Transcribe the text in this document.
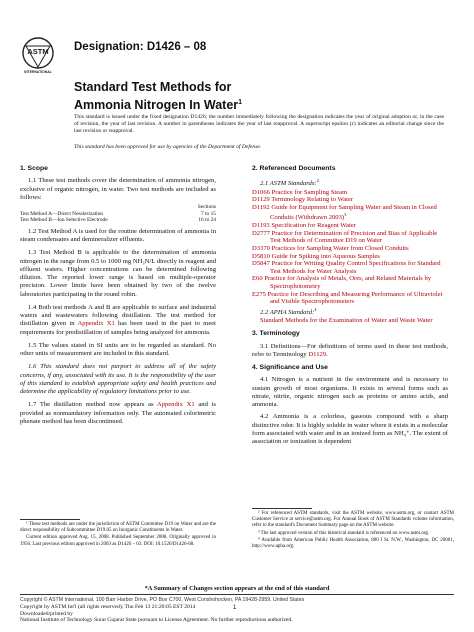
ASTM
INTERNATIONAL
Designation: D1426 – 08
Standard Test Methods for
Ammonia Nitrogen In Water$^1$
This standard is issued under the fixed designation D1426; the number immediately following the designation indicates the year of original adoption or, in the case of revision, the year of last revision. A number in parentheses indicates the year of last reapproval. A superscript epsilon (ε) indicates an editorial change since the last revision or reapproval.
This standard has been approved for use by agencies of the Department of Defense.
1. Scope
1.1 These test methods cover the determination of ammonia nitrogen, exclusive of organic nitrogen, in water. Two test methods are included as follows:
Sections
Test Method A—Direct Nesslerization	7 to 15
Test Method B—Ion Selective Electrode	16 to 24
1.2 Test Method A is used for the routine determination of ammonia in steam condensates and demineralizer effluents.
1.3 Test Method B is applicable to the determination of ammonia nitrogen in the range from 0.5 to 1000 mg NH₃N/L directly in reagent and effluent waters. Higher concentrations can be determined following dilution. The reported lower range is based on multiple-operator precision. Lower limits have been obtained by two of the twelve laboratories participating in the round robin.
1.4 Both test methods A and B are applicable to surface and industrial waters and wastewaters following distillation. The test method for distillation given in Appendix X1 has been used in the past to meet requirements for predistillation of samples being analyzed for ammonia.
1.5 The values stated in SI units are to be regarded as standard. No other units of measurement are included in this standard.
1.6 This standard does not purport to address all of the safety concerns, if any, associated with its use. It is the responsibility of the user of this standard to establish appropriate safety and health practices and determine the applicability of regulatory limitations prior to use.
1.7 The distillation method now appears as Appendix X1 and is provided as nonmandatory information only. The automated colorimetric phenate method has been discontinued.
2. Referenced Documents
2.1 ASTM Standards:$^2$
D1066 Practice for Sampling Steam
D1129 Terminology Relating to Water
D1192 Guide for Equipment for Sampling Water and Steam in Closed Conduits (Withdrawn 2003)$^3$
D1193 Specification for Reagent Water
D2777 Practice for Determination of Precision and Bias of Applicable Test Methods of Committee D19 on Water
D3370 Practices for Sampling Water from Closed Conduits
D5810 Guide for Spiking into Aqueous Samples
D5847 Practice for Writing Quality Control Specifications for Standard Test Methods for Water Analysis
E60 Practice for Analysis of Metals, Ores, and Related Materials by Spectrophotometry
E275 Practice for Describing and Measuring Performance of Ultraviolet and Visible Spectrophotometers
2.2 APHA Standard:$^4$
Standard Methods for the Examination of Water and Waste Water
3. Terminology
3.1 Definitions—For definitions of terms used in these test methods, refer to Terminology D1129.
4. Significance and Use
4.1 Nitrogen is a nutrient in the environment and is necessary to sustain growth of most organisms. It exists in several forms such as nitrate, nitrite, organic nitrogen such as proteins or amino acids, and ammonia.
4.2 Ammonia is a colorless, gaseous compound with a sharp distinctive odor. It is highly soluble in water where it exists in a molecular form associated with water and in an ionized form as NH₄⁺. The extent of association or ionization is dependent
¹ These test methods are under the jurisdiction of ASTM Committee D19 on Water and are the direct responsibility of Subcommittee D19.05 on Inorganic Constituents in Water.
Current edition approved Aug. 15, 2008. Published September 2008. Originally approved in 1956. Last previous edition approved in 2003 as D1426 – 03. DOI: 10.1520/D1426-08.
² For referenced ASTM standards, visit the ASTM website, www.astm.org, or contact ASTM Customer Service at service@astm.org. For Annual Book of ASTM Standards volume information, refer to the standard's Document Summary page on the ASTM website.
³ The last approved version of this historical standard is referenced on www.astm.org.
⁴ Available from American Public Health Association, 800 I St. N.W., Washington, DC 20001, http://www.apha.org.
*A Summary of Changes section appears at the end of this standard
Copyright © ASTM International, 100 Barr Harbor Drive, PO Box C700, West Conshohocken, PA 19428-2959. United States
1
Copyright by ASTM Int'l (all rights reserved); Thu Feb 13 21:20:05 EST 2014
Downloaded/printed by
National Institute of Technology Surat Gujarat State pursuant to License Agreement. No further reproductions authorized.
